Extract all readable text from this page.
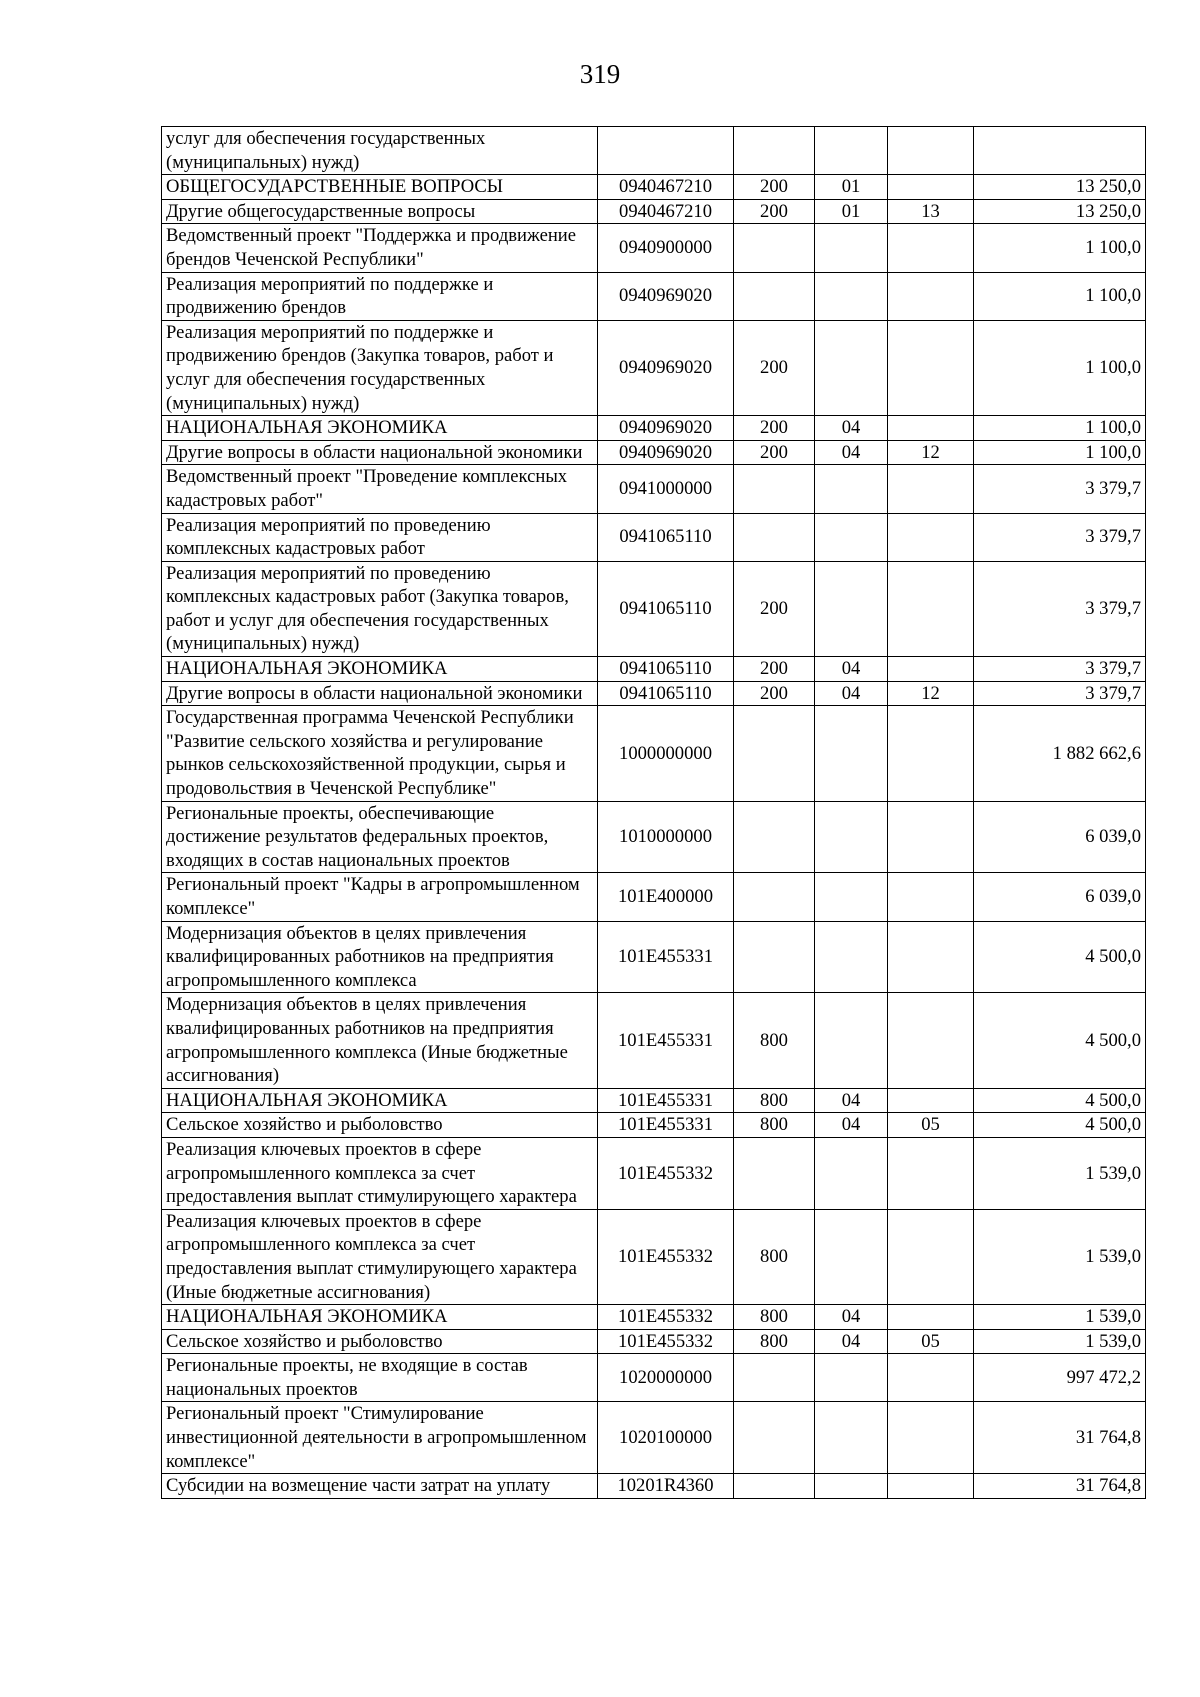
319
услуг для обеспечения государственных (муниципальных) нужд)					
ОБЩЕГОСУДАРСТВЕННЫЕ ВОПРОСЫ	0940467210	200	01		13 250,0
Другие общегосударственные вопросы	0940467210	200	01	13	13 250,0
Ведомственный проект "Поддержка и продвижение брендов Чеченской Республики"	0940900000				1 100,0
Реализация мероприятий по поддержке и продвижению брендов	0940969020				1 100,0
Реализация мероприятий по поддержке и продвижению брендов (Закупка товаров, работ и услуг для обеспечения государственных (муниципальных) нужд)	0940969020	200			1 100,0
НАЦИОНАЛЬНАЯ ЭКОНОМИКА	0940969020	200	04		1 100,0
Другие вопросы в области национальной экономики	0940969020	200	04	12	1 100,0
Ведомственный проект "Проведение комплексных кадастровых работ"	0941000000				3 379,7
Реализация мероприятий по проведению комплексных кадастровых работ	0941065110				3 379,7
Реализация мероприятий по проведению комплексных кадастровых работ (Закупка товаров, работ и услуг для обеспечения государственных (муниципальных) нужд)	0941065110	200			3 379,7
НАЦИОНАЛЬНАЯ ЭКОНОМИКА	0941065110	200	04		3 379,7
Другие вопросы в области национальной экономики	0941065110	200	04	12	3 379,7
Государственная программа Чеченской Республики "Развитие сельского хозяйства и регулирование рынков сельскохозяйственной продукции, сырья и продовольствия в Чеченской Республике"	1000000000				1 882 662,6
Региональные проекты, обеспечивающие достижение результатов федеральных проектов, входящих в состав национальных проектов	1010000000				6 039,0
Региональный проект "Кадры в агропромышленном комплексе"	101Е400000				6 039,0
Модернизация объектов в целях привлечения квалифицированных работников на предприятия агропромышленного комплекса	101Е455331				4 500,0
Модернизация объектов в целях привлечения квалифицированных работников на предприятия агропромышленного комплекса (Иные бюджетные ассигнования)	101Е455331	800			4 500,0
НАЦИОНАЛЬНАЯ ЭКОНОМИКА	101Е455331	800	04		4 500,0
Сельское хозяйство и рыболовство	101Е455331	800	04	05	4 500,0
Реализация ключевых проектов в сфере агропромышленного комплекса за счет предоставления выплат стимулирующего характера	101Е455332				1 539,0
Реализация ключевых проектов в сфере агропромышленного комплекса за счет предоставления выплат стимулирующего характера (Иные бюджетные ассигнования)	101Е455332	800			1 539,0
НАЦИОНАЛЬНАЯ ЭКОНОМИКА	101Е455332	800	04		1 539,0
Сельское хозяйство и рыболовство	101Е455332	800	04	05	1 539,0
Региональные проекты, не входящие в состав национальных проектов	1020000000				997 472,2
Региональный проект "Стимулирование инвестиционной деятельности в агропромышленном комплексе"	1020100000				31 764,8
Субсидии на возмещение части затрат на уплату	10201R4360				31 764,8
